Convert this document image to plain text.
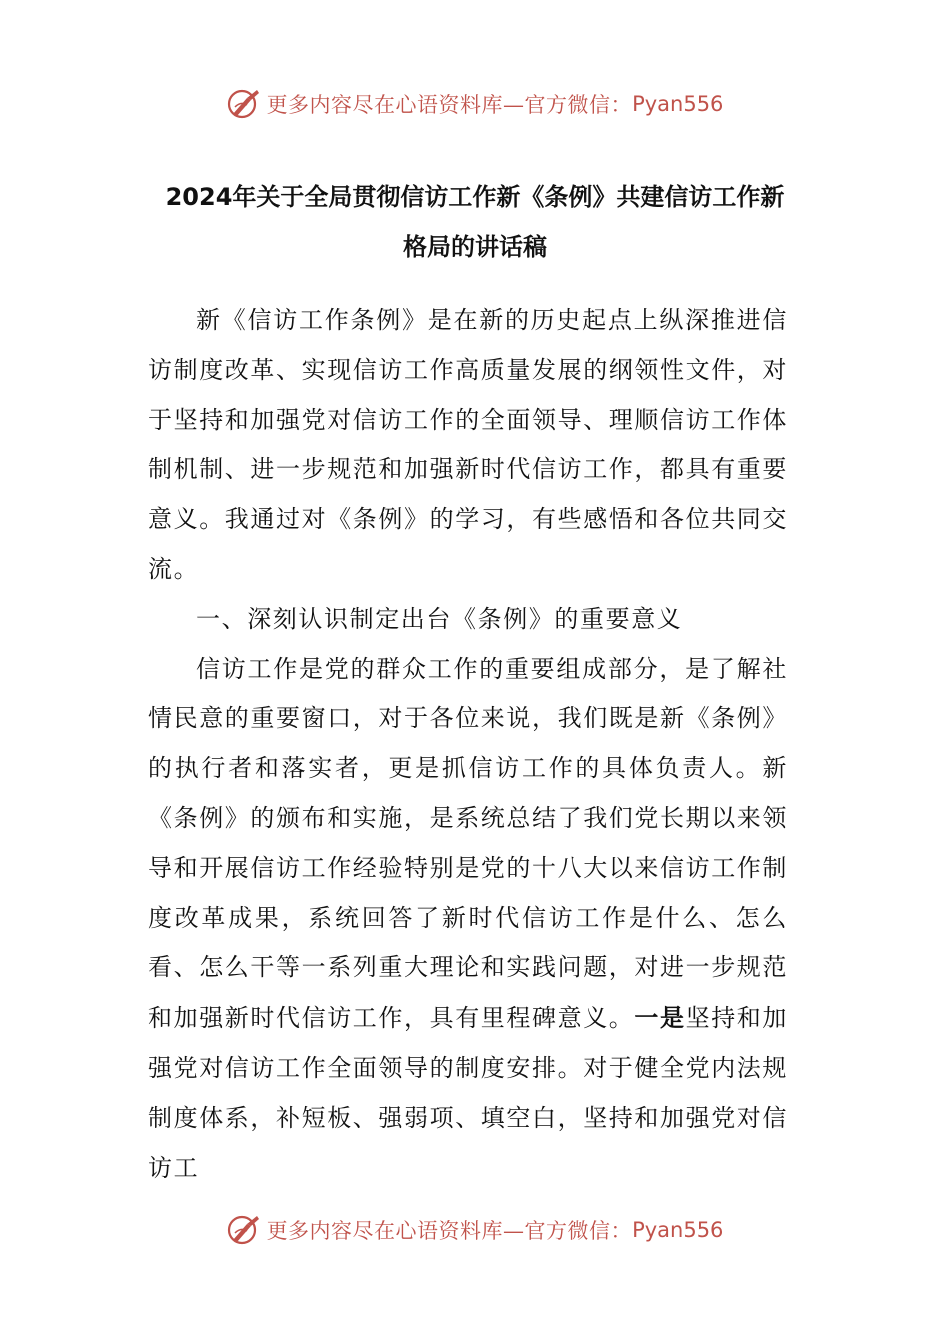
更多内容尽在心语资料库—官方微信： Pyan556
2024年关于全局贯彻信访工作新《条例》共建信访工作新
格局的讲话稿

新《信访工作条例》是在新的历史起点上纵深推进信访制度改革、实现信访工作高质量发展的纲领性文件，对于坚持和加强党对信访工作的全面领导、理顺信访工作体制机制、进一步规范和加强新时代信访工作，都具有重要意义。我通过对《条例》的学习，有些感悟和各位共同交流。

一、深刻认识制定出台《条例》的重要意义

信访工作是党的群众工作的重要组成部分，是了解社情民意的重要窗口，对于各位来说，我们既是新《条例》的执行者和落实者，更是抓信访工作的具体负责人。新《条例》的颁布和实施，是系统总结了我们党长期以来领导和开展信访工作经验特别是党的十八大以来信访工作制度改革成果，系统回答了新时代信访工作是什么、怎么看、怎么干等一系列重大理论和实践问题，对进一步规范和加强新时代信访工作，具有里程碑意义。一是坚持和加强党对信访工作全面领导的制度安排。对于健全党内法规制度体系，补短板、强弱项、填空白，坚持和加强党对信访工

更多内容尽在心语资料库—官方微信： Pyan556
